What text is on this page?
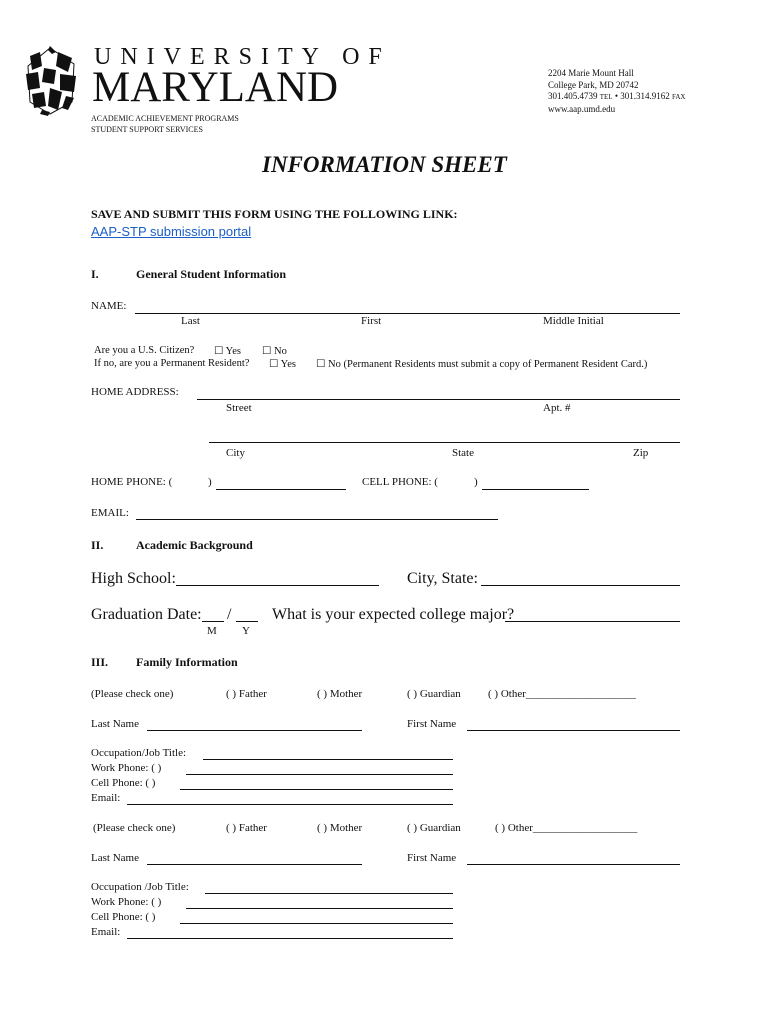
UNIVERSITY OF
MARYLAND
ACADEMIC ACHIEVEMENT PROGRAMS
STUDENT SUPPORT SERVICES
2204 Marie Mount Hall
College Park, MD 20742
301.405.4739 TEL • 301.314.9162 FAX
www.aap.umd.edu
INFORMATION SHEET
SAVE AND SUBMIT THIS FORM USING THE FOLLOWING LINK:
AAP-STP submission portal
I.	General Student Information
NAME:
Last	First	Middle Initial
Are you a U.S. Citizen? ☐ Yes ☐ No
If no, are you a Permanent Resident? ☐ Yes ☐ No (Permanent Residents must submit a copy of Permanent Resident Card.)
HOME ADDRESS:
Street	Apt. #
City	State	Zip
HOME PHONE: (	)	CELL PHONE: (	)
EMAIL:
II.	Academic Background
High School:	City, State:
Graduation Date: /
M Y
What is your expected college major?
III. Family Information
(Please check one)	( ) Father	( ) Mother	( ) Guardian ( ) Other____________________
Last Name	First Name
Occupation/Job Title:
Work Phone: ( )
Cell Phone: ( )
Email:
(Please check one)	( ) Father	( ) Mother	( ) Guardian	( ) Other___________________
Last Name	First Name
Occupation /Job Title:
Work Phone: ( )
Cell Phone: ( )
Email:
